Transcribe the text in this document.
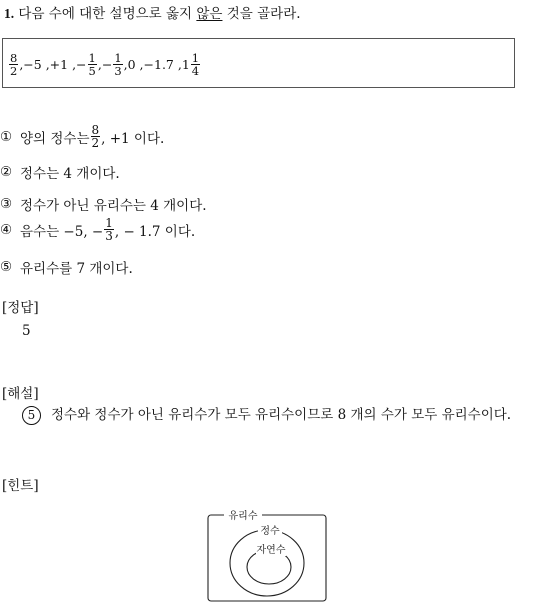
1. 다음 수에 대한 설명으로 옳지 않은 것을 골라라.
$\frac{8}{2} ,-5$ ,+1 ,− $\frac{1}{5}$ ,− $\frac{1}{3} ,0$ ,−1.7 $,1 \frac{1}{4}$
① 양의 정수는 $\frac{8}{2}$ , +1 이다.
② 정수는 4 개이다.
③ 정수가 아닌 유리수는 4 개이다.
④ 음수는 −5, − $\frac{1}{3}$ , − 1.7 이다.
⑤ 유리수를 7 개이다.
[정답]
5
[해설]
5 정수와 정수가 아닌 유리수가 모두 유리수이므로 8 개의 수가 모두 유리수이다.
[힌트]
유리수
정수
자연수
